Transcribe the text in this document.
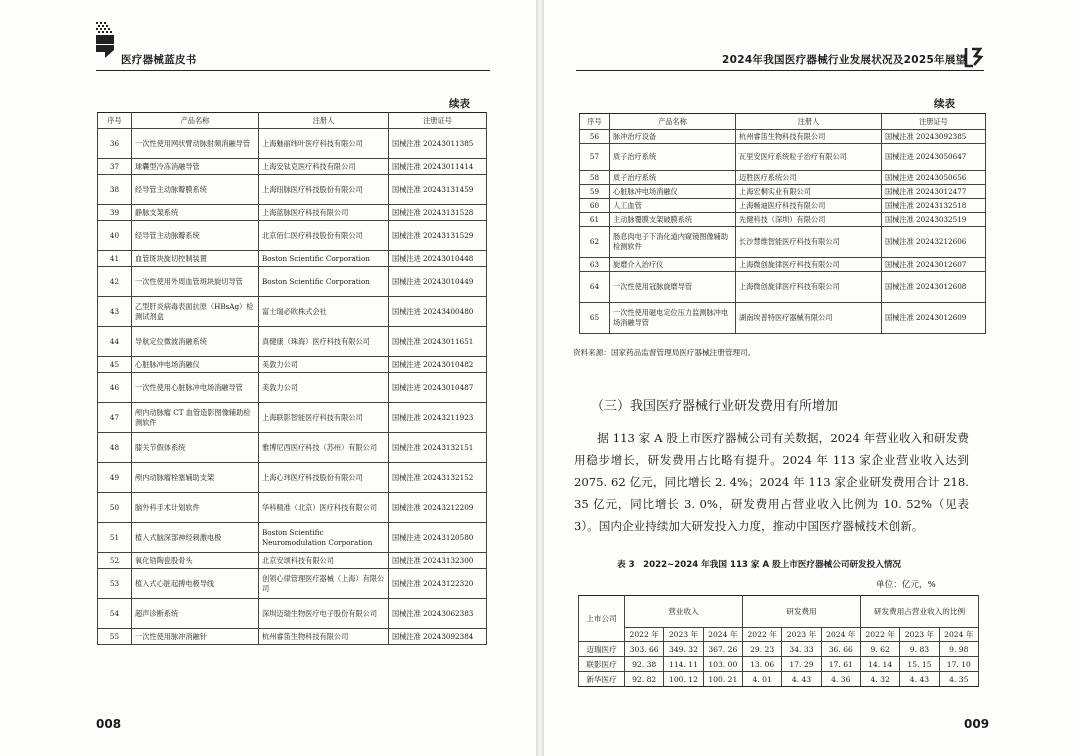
医疗器械蓝皮书
续表
序号	产品名称	注册人	注册证号
36	一次性使用网状臂动脉射频消融导管	上海魅丽纬叶医疗科技有限公司	国械注准 20243011385
37	球囊型冷冻消融导管	上海安钛克医疗科技有限公司	国械注准 20243011414
38	经导管主动脉瓣膜系统	上海纽脉医疗科技股份有限公司	国械注准 20243131459
39	静脉支架系统	上海蓝脉医疗科技有限公司	国械注准 20243131528
40	经导管主动脉瓣系统	北京佰仁医疗科技股份有限公司	国械注准 20243131529
41	血管斑块旋切控制装置	Boston Scientific Corporation	国械注进 20243010448
42	一次性使用外周血管斑块旋切导管	Boston Scientific Corporation	国械注进 20243010449
43	乙型肝炎病毒表面抗原（HBsAg）检测试剂盒	富士瑞必欧株式会社	国械注进 20243400480
44	导航定位微波消融系统	真健康（珠海）医疗科技有限公司	国械注准 20243011651
45	心脏脉冲电场消融仪	美敦力公司	国械注进 20243010482
46	一次性使用心脏脉冲电场消融导管	美敦力公司	国械注进 20243010487
47	颅内动脉瘤 CT 血管造影图像辅助检测软件	上海联影智能医疗科技有限公司	国械注准 20243211923
48	膝关节假体系统	雅博尼西医疗科技（苏州）有限公司	国械注准 20243132151
49	颅内动脉瘤栓塞辅助支架	上海心玮医疗科技股份有限公司	国械注准 20243132152
50	脑外科手术计划软件	华科精准（北京）医疗科技有限公司	国械注准 20243212209
51	植入式脑深部神经刺激电极	Boston Scientific Neuromodulation Corporation	国械注进 20243120580
52	氧化锆陶瓷股骨头	北京安颂科技有限公司	国械注准 20243132300
53	植入式心脏起搏电极导线	创领心律管理医疗器械（上海）有限公司	国械注准 20243122320
54	超声诊断系统	深圳迈瑞生物医疗电子股份有限公司	国械注准 20243062383
55	一次性使用脉冲消融针	杭州睿笛生物科技有限公司	国械注准 20243092384
008
2024年我国医疗器械行业发展状况及2025年展望
续表
序号	产品名称	注册人	注册证号
56	脉冲治疗设备	杭州睿笛生物科技有限公司	国械注准 20243092385
57	质子治疗系统	瓦里安医疗系统粒子治疗有限公司	国械注进 20243050647
58	质子治疗系统	迈胜医疗系统公司	国械注进 20243050656
59	心脏脉冲电场消融仪	上海宏桐实业有限公司	国械注准 20243012477
60	人工血管	上海畅迪医疗科技有限公司	国械注准 20243132518
61	主动脉覆膜支架破膜系统	先健科技（深圳）有限公司	国械注准 20243032519
62	肠息肉电子下消化道内窥镜图像辅助检测软件	长沙慧维智能医疗科技有限公司	国械注准 20243212606
63	旋磨介入治疗仪	上海微创旋律医疗科技有限公司	国械注准 20243012607
64	一次性使用冠脉旋磨导管	上海微创旋律医疗科技有限公司	国械注准 20243012608
65	一次性使用磁电定位压力监测脉冲电场消融导管	湖南埃普特医疗器械有限公司	国械注准 20243012609
资料来源：国家药品监督管理局医疗器械注册管理司。
（三）我国医疗器械行业研发费用有所增加
据 113 家 A 股上市医疗器械公司有关数据，2024 年营业收入和研发费用稳步增长，研发费用占比略有提升。2024 年 113 家企业营业收入达到 2075. 62 亿元，同比增长 2. 4%；2024 年 113 家企业研发费用合计 218. 35 亿元，同比增长 3. 0%，研发费用占营业收入比例为 10. 52%（见表 3）。国内企业持续加大研发投入力度，推动中国医疗器械技术创新。
表 3　2022~2024 年我国 113 家 A 股上市医疗器械公司研发投入情况
单位：亿元，%
上市公司	营业收入			研发费用			研发费用占营业收入的比例		
	2022 年	2023 年	2024 年	2022 年	2023 年	2024 年	2022 年	2023 年	2024 年
迈瑞医疗	303. 66	349. 32	367. 26	29. 23	34. 33	36. 66	9. 62	9. 83	9. 98
联影医疗	92. 38	114. 11	103. 00	13. 06	17. 29	17. 61	14. 14	15. 15	17. 10
新华医疗	92. 82	100. 12	100. 21	4. 01	4. 43	4. 36	4. 32	4. 43	4. 35
009
